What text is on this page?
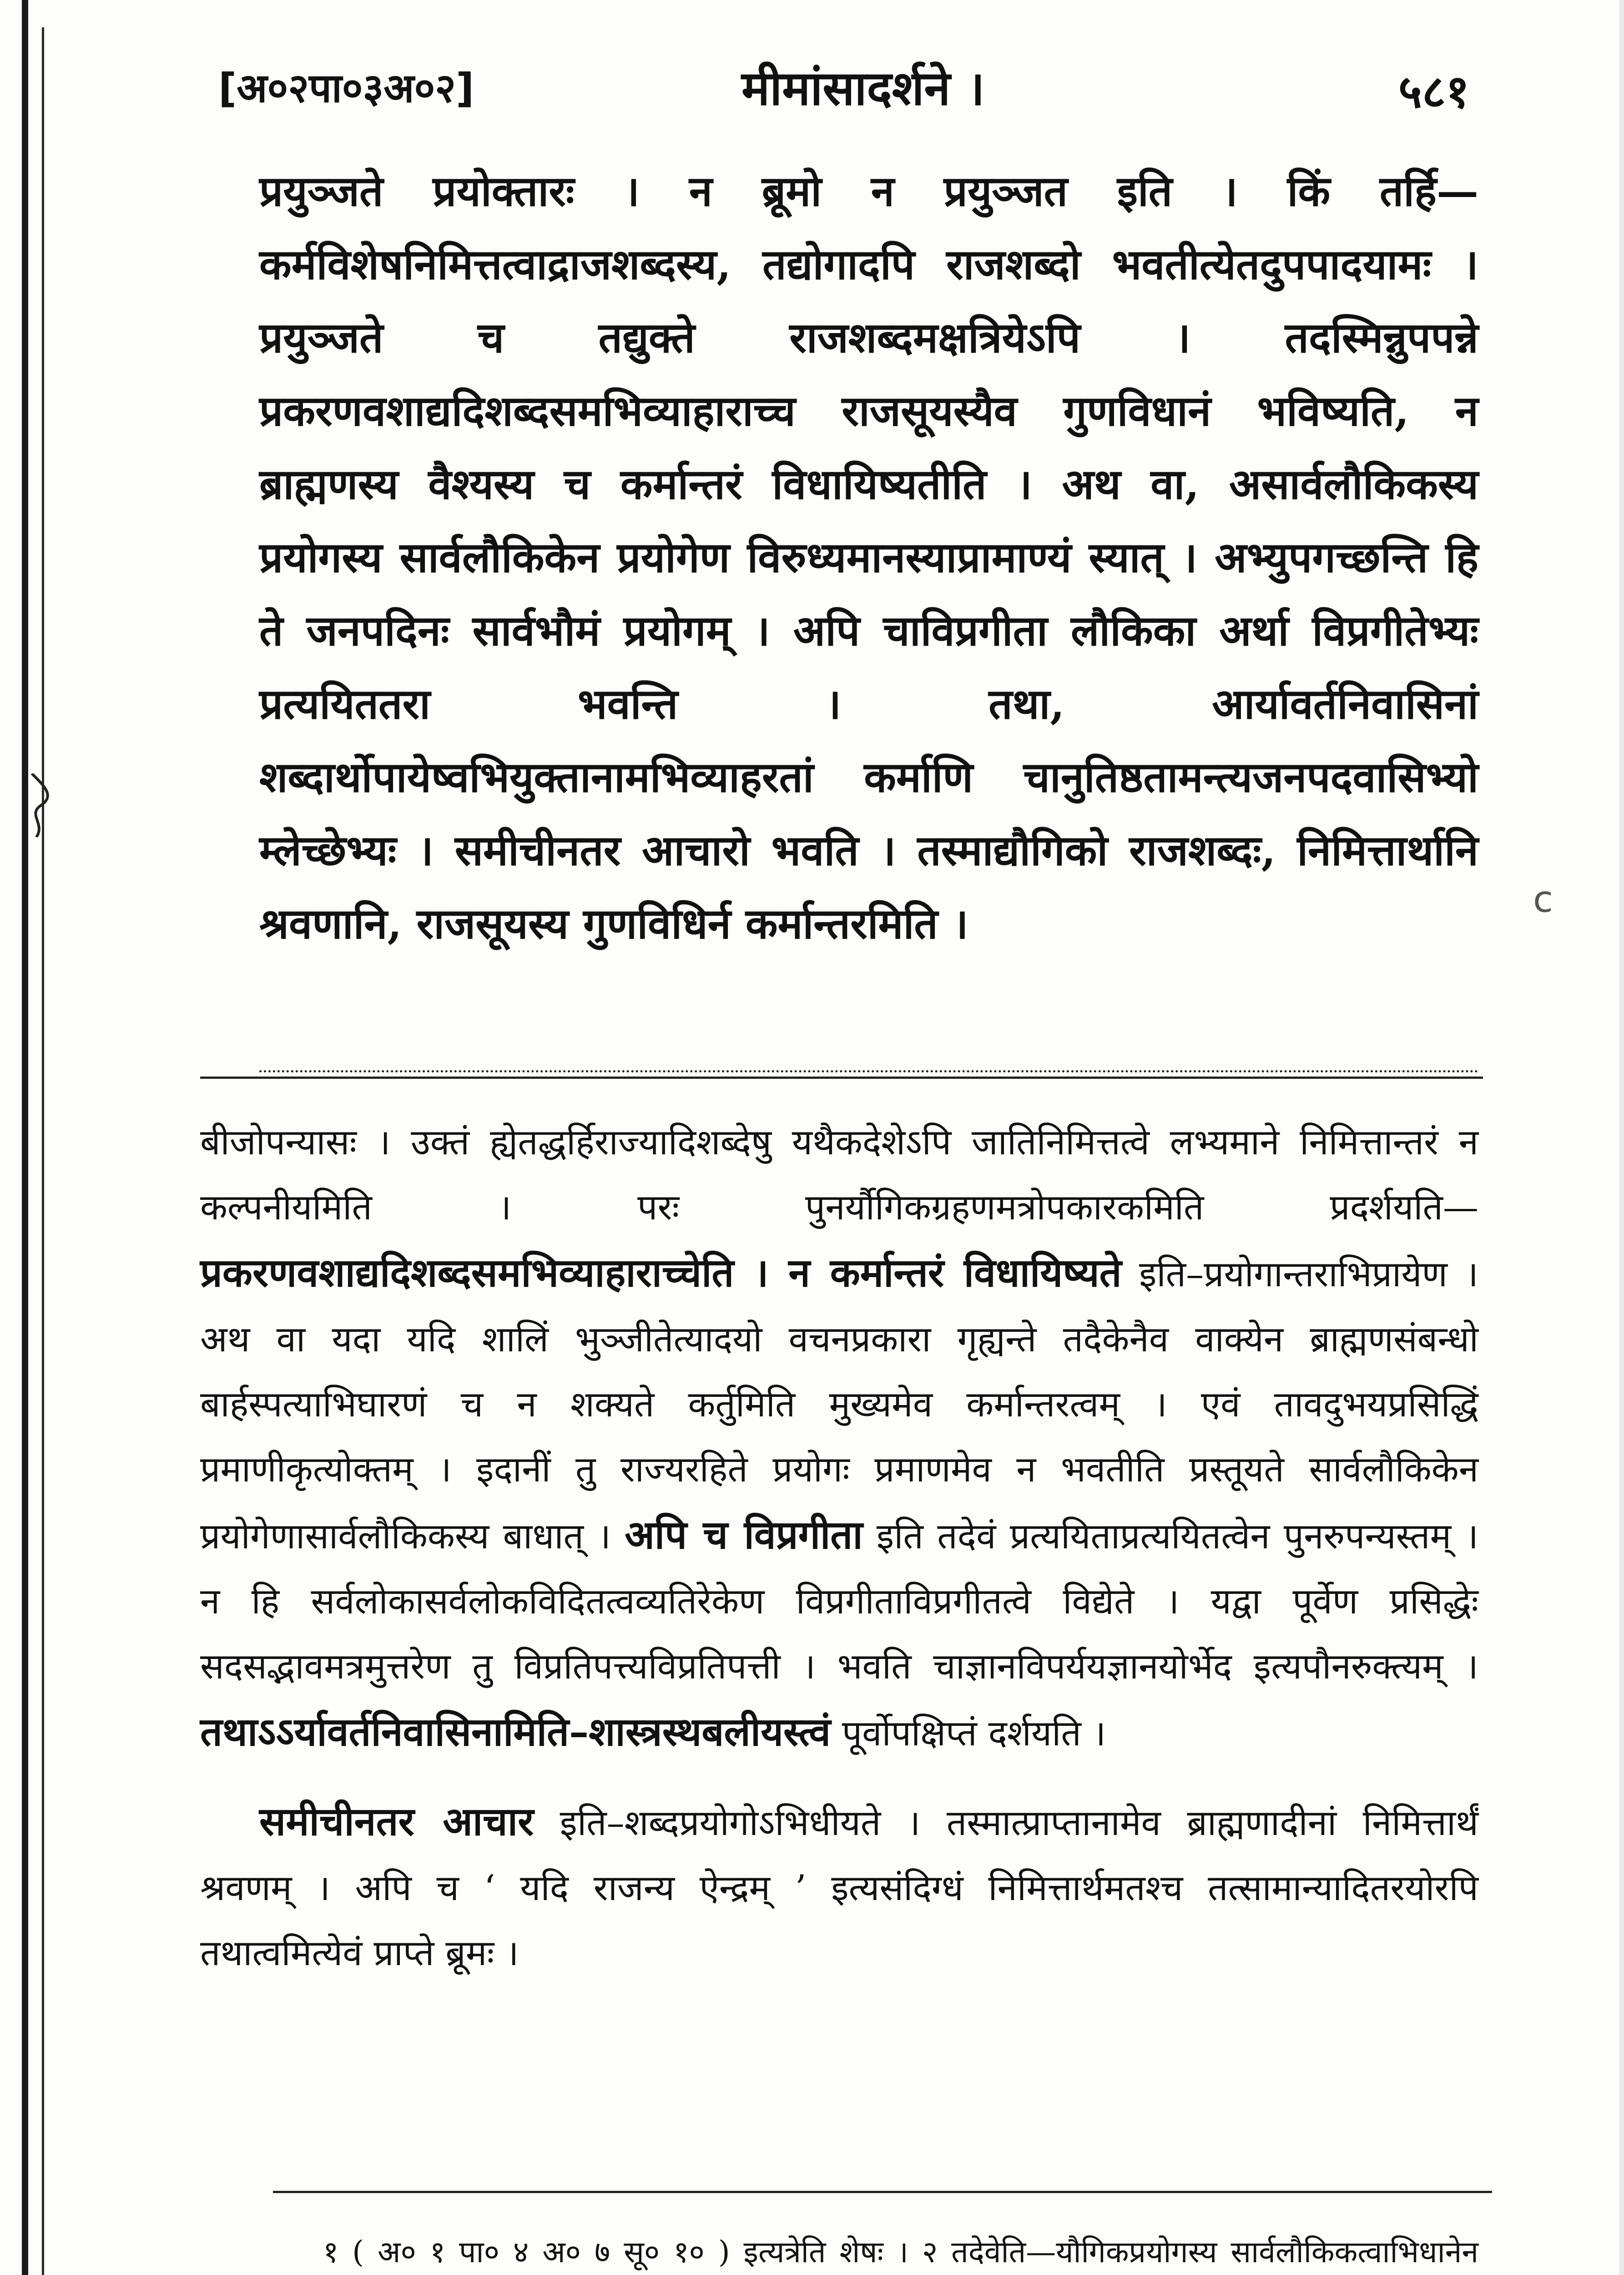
[अ०२पा०३अ०२]	मीमांसादर्शने ।	५८१

प्रयुञ्जते प्रयोक्तारः । न ब्रूमो न प्रयुञ्जत इति । किं तर्हि—कर्मविशेषनिमित्तत्वाद्राजशब्दस्य, तद्योगादपि राजशब्दो भवतीत्येतदुपपादयामः । प्रयुञ्जते च तद्युक्ते राजशब्दमक्षत्रियेऽपि । तदस्मिन्नुपपन्ने प्रकरणवशाद्यदिशब्दसमभिव्याहाराच्च राजसूयस्यैव गुणविधानं भविष्यति, न ब्राह्मणस्य वैश्यस्य च कर्मान्तरं विधायिष्यतीति । अथ वा, असार्वलौकिकस्य प्रयोगस्य सार्वलौकिकेन प्रयोगेण विरुध्यमानस्याप्रामाण्यं स्यात् । अभ्युपगच्छन्ति हि ते जनपदिनः सार्वभौमं प्रयोगम् । अपि चाविप्रगीता लौकिका अर्था विप्रगीतेभ्यः प्रत्ययिततरा भवन्ति । तथा, आर्यावर्तनिवासिनां शब्दार्थोपायेष्वभियुक्तानामभिव्याहरतां कर्माणि चानुतिष्ठतामन्त्यजनपदवासिभ्यो म्लेच्छेभ्यः । समीचीनतर आचारो भवति । तस्माद्यौगिको राजशब्दः, निमित्तार्थानि श्रवणानि, राजसूयस्य गुणविधिर्न कर्मान्तरमिति ।

बीजोपन्यासः । उक्तं ह्येतद्धर्हिराज्यादिशब्देषु यथैकदेशेऽपि जातिनिमित्तत्वे लभ्यमाने निमित्तान्तरं न कल्पनीयमिति । परः पुनर्यौगिकग्रहणमत्रोपकारकमिति प्रदर्शयति—प्रकरणवशाद्यदिशब्दसमभिव्याहाराच्चेति । न कर्मान्तरं विधायिष्यते इति–प्रयोगान्तराभिप्रायेण । अथ वा यदा यदि शालिं भुञ्जीतेत्यादयो वचनप्रकारा गृह्यन्ते तदैकेनैव वाक्येन ब्राह्मणसंबन्धो बार्हस्पत्याभिघारणं च न शक्यते कर्तुमिति मुख्यमेव कर्मान्तरत्वम् । एवं तावदुभयप्रसिद्धिं प्रमाणीकृत्योक्तम् । इदानीं तु राज्यरहिते प्रयोगः प्रमाणमेव न भवतीति प्रस्तूयते सार्वलौकिकेन प्रयोगेणासार्वलौकिकस्य बाधात् । अपि च विप्रगीता इति तदेवं प्रत्ययिताप्रत्ययितत्वेन पुनरुपन्यस्तम् । न हि सर्वलोकासर्वलोकविदितत्वव्यतिरेकेण विप्रगीताविप्रगीतत्वे विद्येते । यद्वा पूर्वेण प्रसिद्धेः सदसद्भावमत्रमुत्तरेण तु विप्रतिपत्त्यविप्रतिपत्ती । भवति चाज्ञानविपर्ययज्ञानयोर्भेद इत्यपौनरुक्त्यम् । तथाऽऽर्यावर्तनिवासिनामिति–शास्त्रस्थबलीयस्त्वं पूर्वोपक्षिप्तं दर्शयति ।

समीचीनतर आचार इति–शब्दप्रयोगोऽभिधीयते । तस्मात्प्राप्तानामेव ब्राह्मणादीनां निमित्तार्थं श्रवणम् । अपि च ‘ यदि राजन्य ऐन्द्रम् ’ इत्यसंदिग्धं निमित्तार्थमतश्च तत्सामान्यादितरयोरपि तथात्वमित्येवं प्राप्ते ब्रूमः ।

१ ( अ० १ पा० ४ अ० ७ सू० १० ) इत्यत्रेति शेषः । २ तदेवेति—यौगिकप्रयोगस्य सार्वलौकिकत्वाभिधानेन

c
